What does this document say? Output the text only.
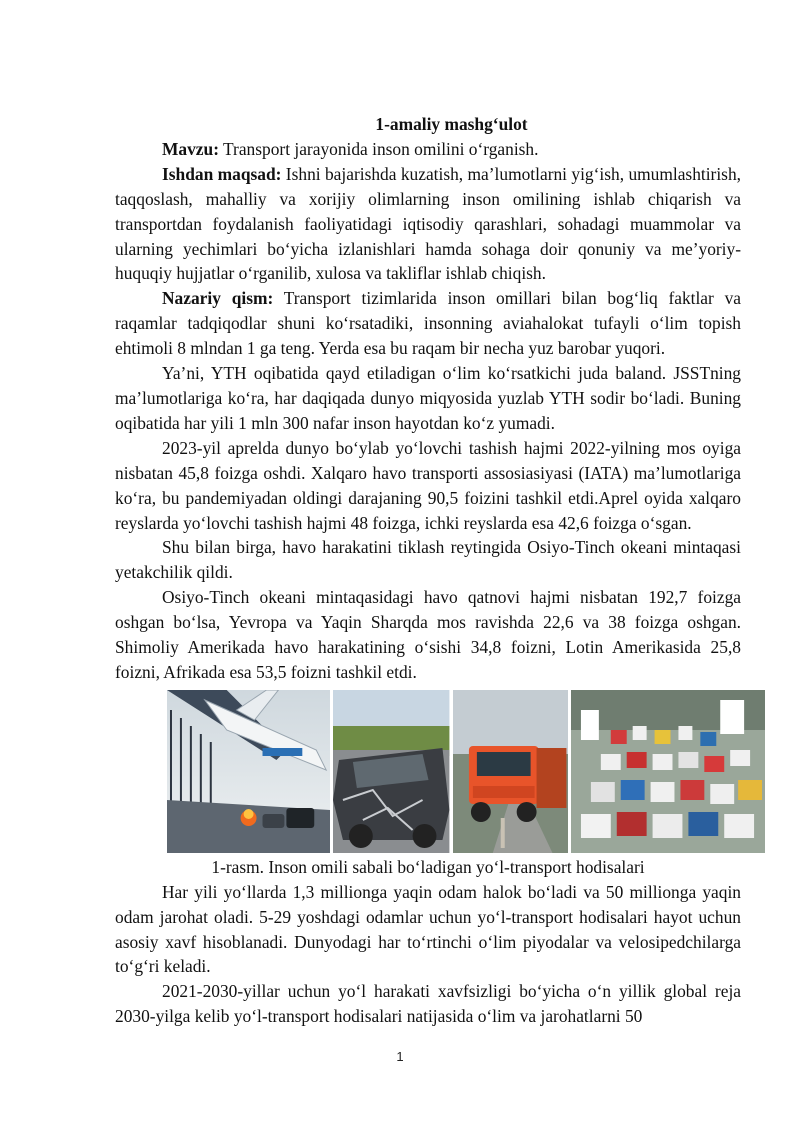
1-amaliy mashg‘ulot

Mavzu: Transport jarayonida inson omilini o‘rganish.

Ishdan maqsad: Ishni bajarishda kuzatish, ma’lumotlarni yig‘ish, umumlashtirish, taqqoslash, mahalliy va xorijiy olimlarning inson omilining ishlab chiqarish va transportdan foydalanish faoliyatidagi iqtisodiy qarashlari, sohadagi muammolar va ularning yechimlari bo‘yicha izlanishlari hamda sohaga doir qonuniy va me’yoriy-huquqiy hujjatlar o‘rganilib, xulosa va takliflar ishlab chiqish.

Nazariy qism: Transport tizimlarida inson omillari bilan bog‘liq faktlar va raqamlar tadqiqodlar shuni ko‘rsatadiki, insonning aviahalokat tufayli o‘lim topish ehtimoli 8 mlndan 1 ga teng. Yerda esa bu raqam bir necha yuz barobar yuqori.

Ya’ni, YTH oqibatida qayd etiladigan o‘lim ko‘rsatkichi juda baland. JSSTning ma’lumotlariga ko‘ra, har daqiqada dunyo miqyosida yuzlab YTH sodir bo‘ladi. Buning oqibatida har yili 1 mln 300 nafar inson hayotdan ko‘z yumadi.

2023-yil aprelda dunyo bo‘ylab yo‘lovchi tashish hajmi 2022-yilning mos oyiga nisbatan 45,8 foizga oshdi. Xalqaro havo transporti assosiasiyasi (IATA) ma’lumotlariga ko‘ra, bu pandemiyadan oldingi darajaning 90,5 foizini tashkil etdi.Aprel oyida xalqaro reyslarda yo‘lovchi tashish hajmi 48 foizga, ichki reyslarda esa 42,6 foizga o‘sgan.

Shu bilan birga, havo harakatini tiklash reytingida Osiyo-Tinch okeani mintaqasi yetakchilik qildi.

Osiyo-Tinch okeani mintaqasidagi havo qatnovi hajmi nisbatan 192,7 foizga oshgan bo‘lsa, Yevropa va Yaqin Sharqda mos ravishda 22,6 va 38 foizga oshgan. Shimoliy Amerikada havo harakatining o‘sishi 34,8 foizni, Lotin Amerikasida 25,8 foizni, Afrikada esa 53,5 foizni tashkil etdi.

1-rasm. Inson omili sabali bo‘ladigan yo‘l-transport hodisalari

Har yili yo‘llarda 1,3 millionga yaqin odam halok bo‘ladi va 50 millionga yaqin odam jarohat oladi. 5-29 yoshdagi odamlar uchun yo‘l-transport hodisalari hayot uchun asosiy xavf hisoblanadi. Dunyodagi har to‘rtinchi o‘lim piyodalar va velosipedchilarga to‘g‘ri keladi.

2021-2030-yillar uchun yo‘l harakati xavfsizligi bo‘yicha o‘n yillik global reja 2030-yilga kelib yo‘l-transport hodisalari natijasida o‘lim va jarohatlarni 50

1
